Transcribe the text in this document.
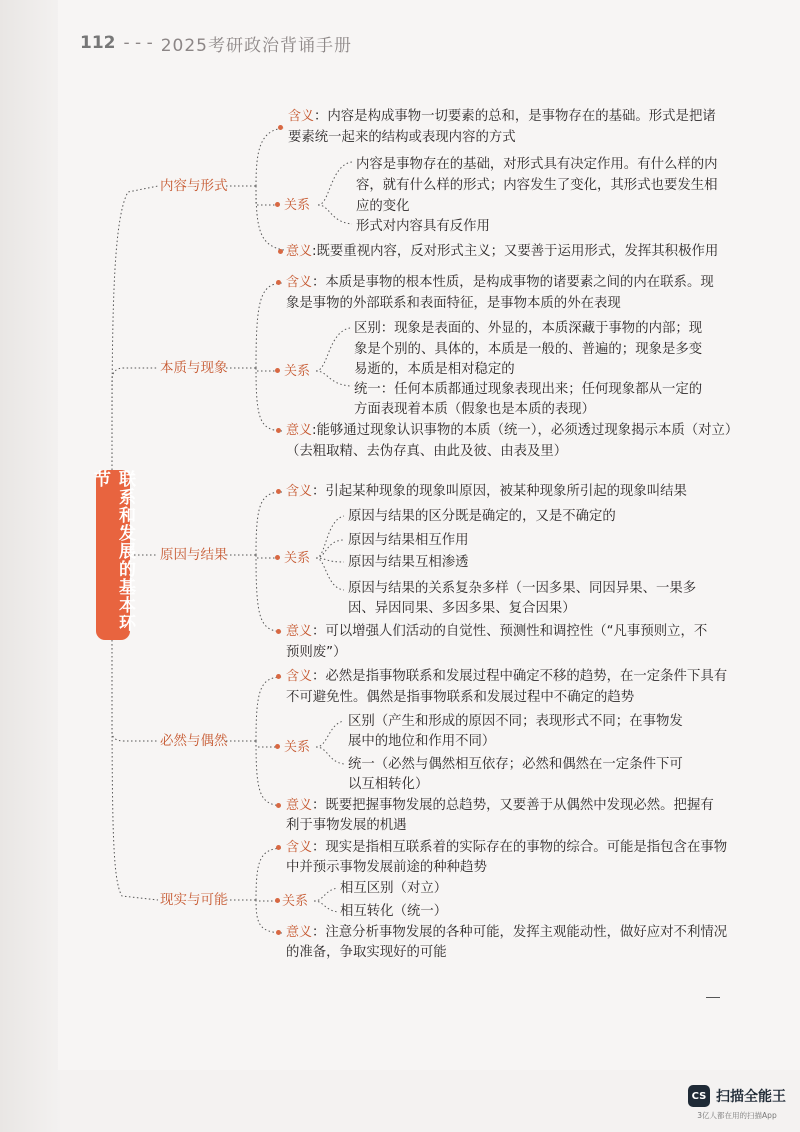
112 - - - 2025考研政治背诵手册
联系和发展的基本环节
内容与形式
含义：内容是构成事物一切要素的总和，是事物存在的基础。形式是把诸
要素统一起来的结构或表现内容的方式
关系
内容是事物存在的基础，对形式具有决定作用。有什么样的内
容，就有什么样的形式；内容发生了变化，其形式也要发生相
应的变化
形式对内容具有反作用
意义:既要重视内容，反对形式主义；又要善于运用形式，发挥其积极作用
本质与现象
含义：本质是事物的根本性质，是构成事物的诸要素之间的内在联系。现
象是事物的外部联系和表面特征，是事物本质的外在表现
关系
区别：现象是表面的、外显的，本质深藏于事物的内部；现
象是个别的、具体的，本质是一般的、普遍的；现象是多变
易逝的，本质是相对稳定的
统一：任何本质都通过现象表现出来；任何现象都从一定的
方面表现着本质（假象也是本质的表现）
意义:能够通过现象认识事物的本质（统一），必须透过现象揭示本质（对立）
（去粗取精、去伪存真、由此及彼、由表及里）
原因与结果
含义：引起某种现象的现象叫原因，被某种现象所引起的现象叫结果
关系
原因与结果的区分既是确定的，又是不确定的
原因与结果相互作用
原因与结果互相渗透
原因与结果的关系复杂多样（一因多果、同因异果、一果多
因、异因同果、多因多果、复合因果）
意义：可以增强人们活动的自觉性、预测性和调控性（“凡事预则立，不
预则废”）
必然与偶然
含义：必然是指事物联系和发展过程中确定不移的趋势，在一定条件下具有
不可避免性。偶然是指事物联系和发展过程中不确定的趋势
关系
区别（产生和形成的原因不同；表现形式不同；在事物发
展中的地位和作用不同）
统一（必然与偶然相互依存；必然和偶然在一定条件下可
以互相转化）
意义：既要把握事物发展的总趋势，又要善于从偶然中发现必然。把握有
利于事物发展的机遇
现实与可能
含义：现实是指相互联系着的实际存在的事物的综合。可能是指包含在事物
中并预示事物发展前途的种种趋势
关系
相互区别（对立）
相互转化（统一）
意义：注意分析事物发展的各种可能，发挥主观能动性，做好应对不利情况
的准备，争取实现好的可能
CS 扫描全能王
3亿人都在用的扫描App
